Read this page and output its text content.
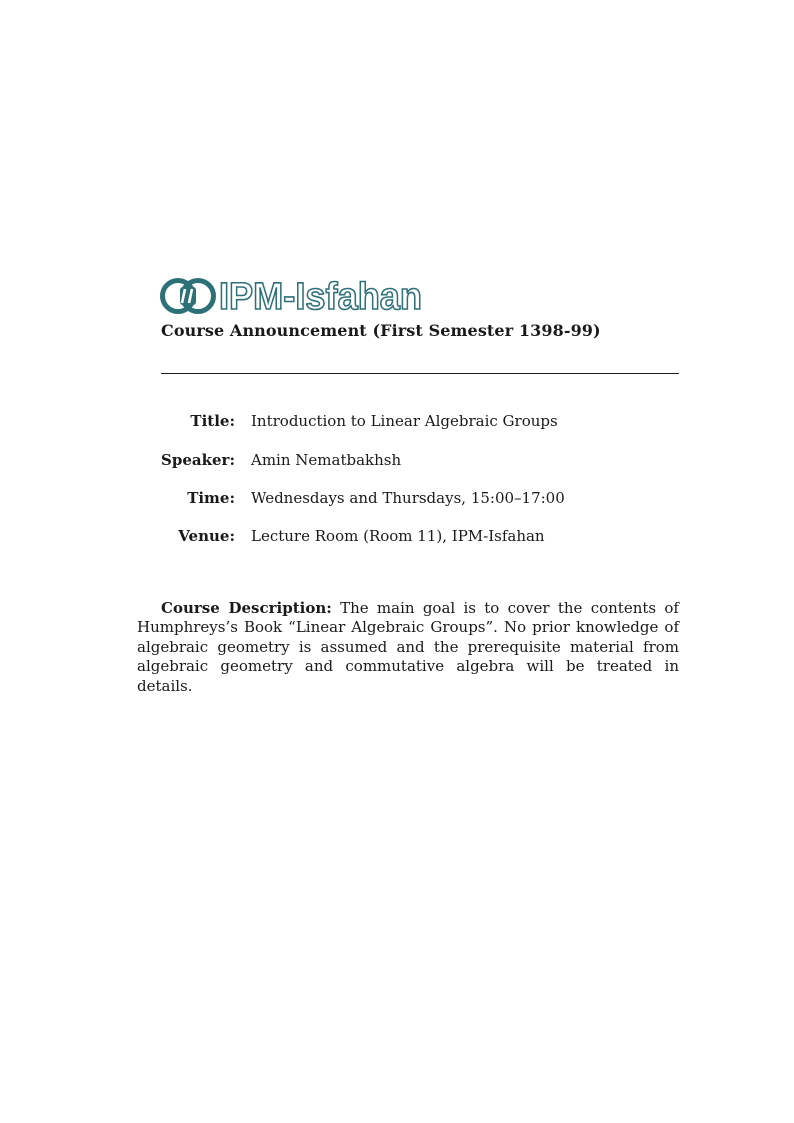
IPM-Isfahan
Course Announcement (First Semester 1398-99)
Title: Introduction to Linear Algebraic Groups
Speaker: Amin Nematbakhsh
Time: Wednesdays and Thursdays, 15:00–17:00
Venue: Lecture Room (Room 11), IPM-Isfahan

Course Description: The main goal is to cover the contents of Humphreys’s Book “Linear Algebraic Groups”. No prior knowledge of algebraic geometry is assumed and the prerequisite material from algebraic geometry and commutative algebra will be treated in details.
